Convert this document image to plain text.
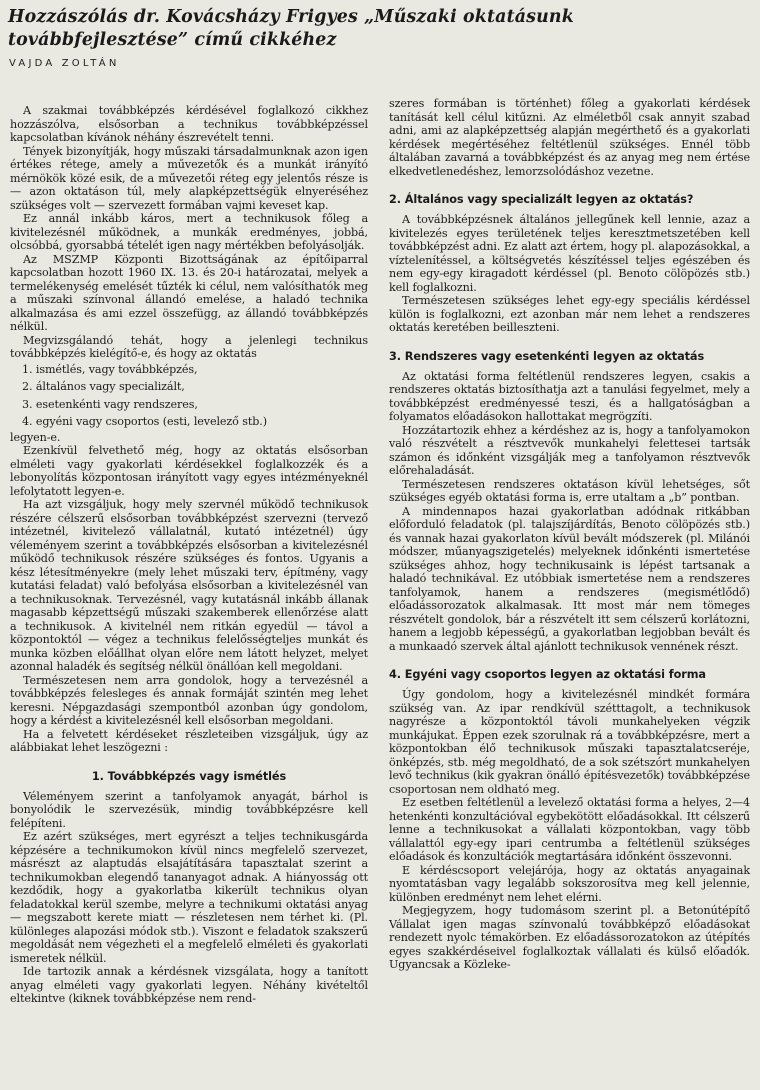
Hozzászólás dr. Kovácsházy Frigyes „Műszaki oktatásunk továbbfejlesztése” című cikkéhez
VAJDA ZOLTÁN

A szakmai továbbképzés kérdésével foglalkozó cikkhez hozzászólva, elsősorban a technikus továbbképzéssel kapcsolatban kívánok néhány észrevételt tenni.

Tények bizonyítják, hogy műszaki társadalmunknak azon igen értékes rétege, amely a művezetők és a munkát irányító mérnökök közé esik, de a művezetői réteg egy jelentős része is — azon oktatáson túl, mely alapképzettségük elnyeréséhez szükséges volt — szervezett formában vajmi keveset kap.

Ez annál inkább káros, mert a technikusok főleg a kivitelezésnél működnek, a munkák eredményes, jobbá, olcsóbbá, gyorsabbá tételét igen nagy mértékben befolyásolják.

Az MSZMP Központi Bizottságának az építőiparral kapcsolatban hozott 1960 IX. 13. és 20-i határozatai, melyek a termelékenység emelését tűzték ki célul, nem valósíthatók meg a műszaki színvonal állandó emelése, a haladó technika alkalmazása és ami ezzel összefügg, az állandó továbbképzés nélkül.

Megvizsgálandó tehát, hogy a jelenlegi technikus továbbképzés kielégítő-e, és hogy az oktatás

1. ismétlés, vagy továbbképzés,
2. általános vagy specializált,
3. esetenkénti vagy rendszeres,
4. egyéni vagy csoportos (esti, levelező stb.)

legyen-e.

Ezenkívül felvethető még, hogy az oktatás elsősorban elméleti vagy gyakorlati kérdésekkel foglalkozzék és a lebonyolítás központosan irányított vagy egyes intézményeknél lefolytatott legyen-e.

Ha azt vizsgáljuk, hogy mely szervnél működő technikusok részére célszerű elsősorban továbbképzést szervezni (tervező intézetnél, kivitelező vállalatnál, kutató intézetnél) úgy véleményem szerint a továbbképzés elsősorban a kivitelezésnél működő technikusok részére szükséges és fontos. Ugyanis a kész létesítményekre (mely lehet műszaki terv, építmény, vagy kutatási feladat) való befolyása elsősorban a kivitelezésnél van a technikusoknak. Tervezésnél, vagy kutatásnál inkább állanak magasabb képzettségű műszaki szakemberek ellenőrzése alatt a technikusok. A kivitelnél nem ritkán egyedül — távol a központoktól — végez a technikus felelősségteljes munkát és munka közben előállhat olyan előre nem látott helyzet, melyet azonnal haladék és segítség nélkül önállóan kell megoldani.

Természetesen nem arra gondolok, hogy a tervezésnél a továbbképzés felesleges és annak formáját szintén meg lehet keresni. Népgazdasági szempontból azonban úgy gondolom, hogy a kérdést a kivitelezésnél kell elsősorban megoldani.

Ha a felvetett kérdéseket részleteiben vizsgáljuk, úgy az alábbiakat lehet leszögezni :

1. Továbbképzés vagy ismétlés

Véleményem szerint a tanfolyamok anyagát, bárhol is bonyolódik le szervezésük, mindig továbbképzésre kell felépíteni.

Ez azért szükséges, mert egyrészt a teljes technikusgárda képzésére a technikumokon kívül nincs megfelelő szervezet, másrészt az alaptudás elsajátítására tapasztalat szerint a technikumokban elegendő tananyagot adnak. A hiányosság ott kezdődik, hogy a gyakorlatba kikerült technikus olyan feladatokkal kerül szembe, melyre a technikumi oktatási anyag — megszabott kerete miatt — részletesen nem térhet ki. (Pl. különleges alapozási módok stb.). Viszont e feladatok szakszerű megoldását nem végezheti el a megfelelő elméleti és gyakorlati ismeretek nélkül.

Ide tartozik annak a kérdésnek vizsgálata, hogy a tanított anyag elméleti vagy gyakorlati legyen. Néhány kivételtől eltekintve (kiknek továbbképzése nem rend-

szeres formában is történhet) főleg a gyakorlati kérdések tanítását kell célul kitűzni. Az elméletből csak annyit szabad adni, ami az alapképzettség alapján megérthető és a gyakorlati kérdések megértéséhez feltétlenül szükséges. Ennél több általában zavarná a továbbképzést és az anyag meg nem értése elkedvetlenedéshez, lemorzsolódáshoz vezetne.

2. Általános vagy specializált legyen az oktatás?

A továbbképzésnek általános jellegűnek kell lennie, azaz a kivitelezés egyes területének teljes keresztmetszetében kell továbbképzést adni. Ez alatt azt értem, hogy pl. alapozásokkal, a víztelenítéssel, a költségvetés készítéssel teljes egészében és nem egy-egy kiragadott kérdéssel (pl. Benoto cölöpözés stb.) kell foglalkozni.

Természetesen szükséges lehet egy-egy speciális kérdéssel külön is foglalkozni, ezt azonban már nem lehet a rendszeres oktatás keretében beilleszteni.

3. Rendszeres vagy esetenkénti legyen az oktatás

Az oktatási forma feltétlenül rendszeres legyen, csakis a rendszeres oktatás biztosíthatja azt a tanulási fegyelmet, mely a továbbképzést eredményessé teszi, és a hallgatóságban a folyamatos előadásokon hallottakat megrögzíti.

Hozzátartozik ehhez a kérdéshez az is, hogy a tanfolyamokon való részvételt a résztvevők munkahelyi felettesei tartsák számon és időnként vizsgálják meg a tanfolyamon résztvevők előrehaladását.

Természetesen rendszeres oktatáson kívül lehetséges, sőt szükséges egyéb oktatási forma is, erre utaltam a „b” pontban.

A mindennapos hazai gyakorlatban adódnak ritkábban előforduló feladatok (pl. talajszíjárdítás, Benoto cölöpözés stb.) és vannak hazai gyakorlaton kívül bevált módszerek (pl. Milánói módszer, műanyagszigetelés) melyeknek időnkénti ismertetése szükséges ahhoz, hogy technikusaink is lépést tartsanak a haladó technikával. Ez utóbbiak ismertetése nem a rendszeres tanfolyamok, hanem a rendszeres (megismétlődő) előadássorozatok alkalmasak. Itt most már nem tömeges részvételt gondolok, bár a részvételt itt sem célszerű korlátozni, hanem a legjobb képességű, a gyakorlatban legjobban bevált és a munkaadó szervek által ajánlott technikusok vennének részt.

4. Egyéni vagy csoportos legyen az oktatási forma

Úgy gondolom, hogy a kivitelezésnél mindkét formára szükség van. Az ipar rendkívül szétttagolt, a technikusok nagyrésze a központoktól távoli munkahelyeken végzik munkájukat. Éppen ezek szorulnak rá a továbbképzésre, mert a központokban élő technikusok műszaki tapasztalatcseréje, önképzés, stb. még megoldható, de a sok szétszórt munkahelyen levő technikus (kik gyakran önálló építésvezetők) továbbképzése csoportosan nem oldható meg.

Ez esetben feltétlenül a levelező oktatási forma a helyes, 2—4 hetenkénti konzultációval egybekötött előadásokkal. Itt célszerű lenne a technikusokat a vállalati központokban, vagy több vállalattól egy-egy ipari centrumba a feltétlenül szükséges előadások és konzultációk megtartására időnként összevonni.

E kérdéscsoport velejárója, hogy az oktatás anyagainak nyomtatásban vagy legalább sokszorosítva meg kell jelennie, különben eredményt nem lehet elérni.

Megjegyzem, hogy tudomásom szerint pl. a Betonútépítő Vállalat igen magas színvonalú továbbképző előadásokat rendezett nyolc témakörben. Ez előadássorozatokon az útépítés egyes szakkérdéseivel foglalkoztak vállalati és külső előadók. Ugyancsak a Közleke-
